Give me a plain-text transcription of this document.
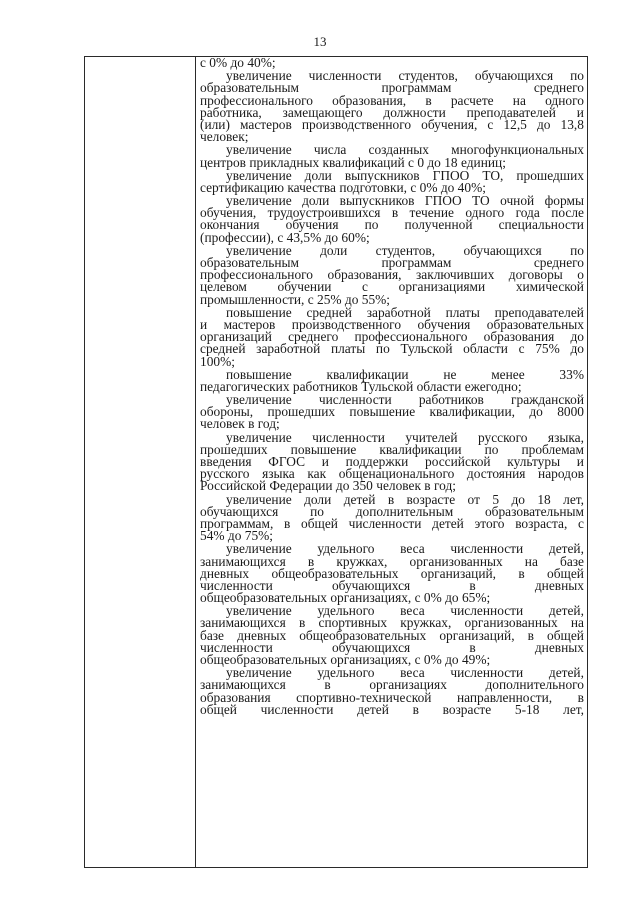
13
с 0% до 40%;
увеличение численности студентов, обучающихся по
образовательным	программам	среднего
профессионального образования, в расчете на одного
работника, замещающего должности преподавателей и
(или) мастеров производственного обучения, с 12,5 до 13,8
человек;
увеличение числа созданных многофункциональных
центров прикладных квалификаций с 0 до 18 единиц;
увеличение доли выпускников ГПОО ТО, прошедших
сертификацию качества подготовки, с 0% до 40%;
увеличение доли выпускников ГПОО ТО очной формы
обучения, трудоустроившихся в течение одного года после
окончания обучения по полученной специальности
(профессии), с 43,5% до 60%;
увеличение доли студентов, обучающихся по
образовательным	программам	среднего
профессионального образования, заключивших договоры о
целевом обучении с организациями химической
промышленности, с 25% до 55%;
повышение средней заработной платы преподавателей
и мастеров производственного обучения образовательных
организаций среднего профессионального образования до
средней заработной платы по Тульской области с 75% до
100%;
повышение	квалификации	не	менее	33%
педагогических работников Тульской области ежегодно;
увеличение численности работников гражданской
обороны, прошедших повышение квалификации, до 8000
человек в год;
увеличение численности учителей русского языка,
прошедших повышение квалификации по проблемам
введения ФГОС и поддержки российской культуры и
русского языка как общенационального достояния народов
Российской Федерации до 350 человек в год;
увеличение доли детей в возрасте от 5 до 18 лет,
обучающихся по дополнительным образовательным
программам, в общей численности детей этого возраста, с
54% до 75%;
увеличение удельного веса численности детей,
занимающихся в кружках, организованных на базе
дневных общеобразовательных организаций, в общей
численности	обучающихся	в	дневных
общеобразовательных организациях, с 0% до 65%;
увеличение удельного веса численности детей,
занимающихся в спортивных кружках, организованных на
базе дневных общеобразовательных организаций, в общей
численности	обучающихся	в	дневных
общеобразовательных организациях, с 0% до 49%;
увеличение удельного веса численности детей,
занимающихся	в	организациях	дополнительного
образования спортивно-технической направленности, в
общей численности детей в возрасте 5-18 лет,
